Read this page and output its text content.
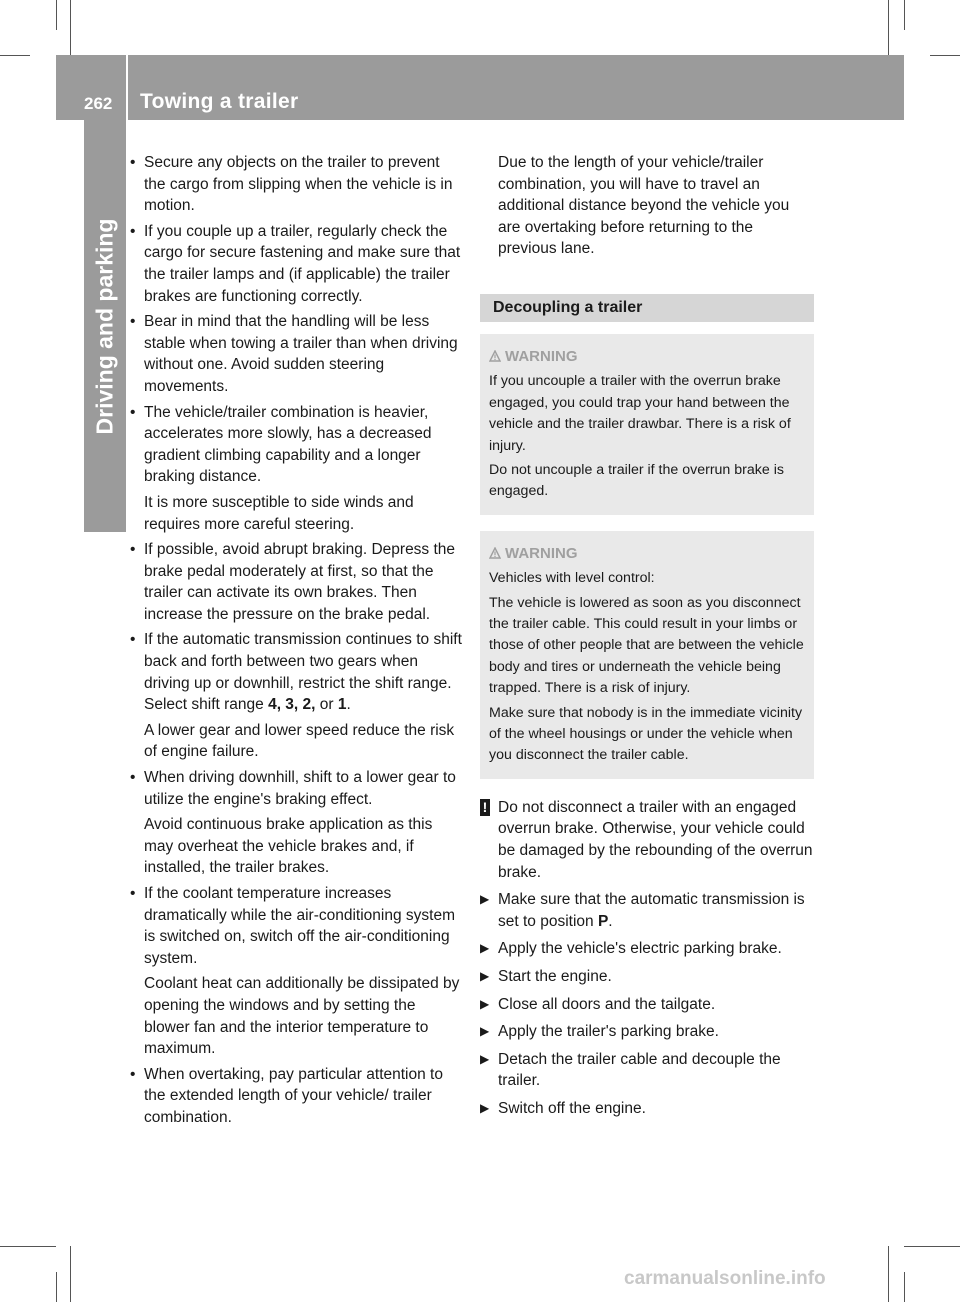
262 Towing a trailer
Driving and parking
• Secure any objects on the trailer to prevent the cargo from slipping when the vehicle is in motion.
• If you couple up a trailer, regularly check the cargo for secure fastening and make sure that the trailer lamps and (if applicable) the trailer brakes are functioning correctly.
• Bear in mind that the handling will be less stable when towing a trailer than when driving without one. Avoid sudden steering movements.
• The vehicle/trailer combination is heavier, accelerates more slowly, has a decreased gradient climbing capability and a longer braking distance.
It is more susceptible to side winds and requires more careful steering.
• If possible, avoid abrupt braking. Depress the brake pedal moderately at first, so that the trailer can activate its own brakes. Then increase the pressure on the brake pedal.
• If the automatic transmission continues to shift back and forth between two gears when driving up or downhill, restrict the shift range. Select shift range 4, 3, 2, or 1.
A lower gear and lower speed reduce the risk of engine failure.
• When driving downhill, shift to a lower gear to utilize the engine's braking effect.
Avoid continuous brake application as this may overheat the vehicle brakes and, if installed, the trailer brakes.
• If the coolant temperature increases dramatically while the air-conditioning system is switched on, switch off the air-conditioning system.
Coolant heat can additionally be dissipated by opening the windows and by setting the blower fan and the interior temperature to maximum.
• When overtaking, pay particular attention to the extended length of your vehicle/ trailer combination.
Due to the length of your vehicle/trailer combination, you will have to travel an additional distance beyond the vehicle you are overtaking before returning to the previous lane.
Decoupling a trailer
WARNING
If you uncouple a trailer with the overrun brake engaged, you could trap your hand between the vehicle and the trailer drawbar. There is a risk of injury.
Do not uncouple a trailer if the overrun brake is engaged.
WARNING
Vehicles with level control:
The vehicle is lowered as soon as you disconnect the trailer cable. This could result in your limbs or those of other people that are between the vehicle body and tires or underneath the vehicle being trapped. There is a risk of injury.
Make sure that nobody is in the immediate vicinity of the wheel housings or under the vehicle when you disconnect the trailer cable.
! Do not disconnect a trailer with an engaged overrun brake. Otherwise, your vehicle could be damaged by the rebounding of the overrun brake.
▶ Make sure that the automatic transmission is set to position P.
▶ Apply the vehicle's electric parking brake.
▶ Start the engine.
▶ Close all doors and the tailgate.
▶ Apply the trailer's parking brake.
▶ Detach the trailer cable and decouple the trailer.
▶ Switch off the engine.
carmanualsonline.info
